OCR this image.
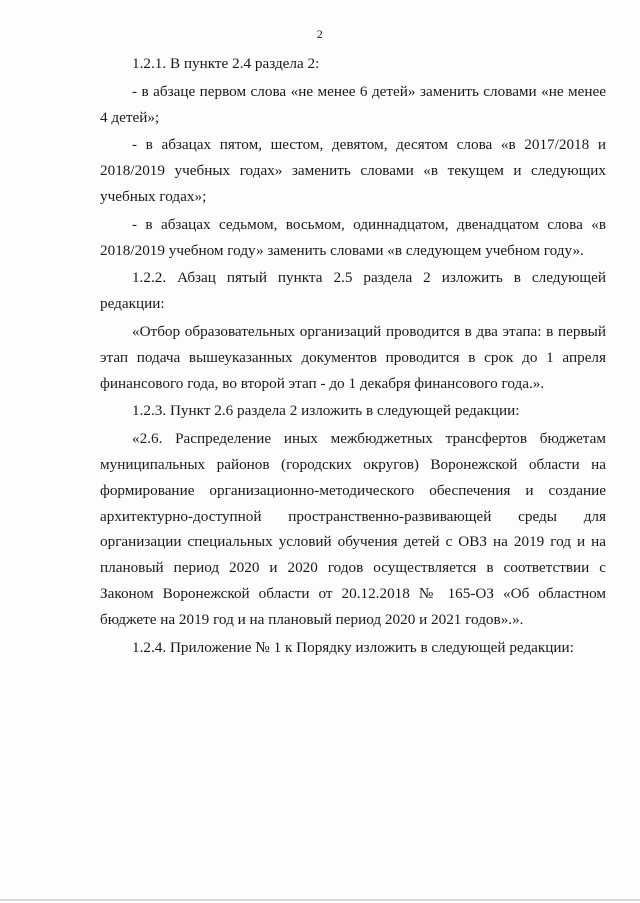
2

1.2.1. В пункте 2.4 раздела 2:

- в абзаце первом слова «не менее 6 детей» заменить словами «не менее 4 детей»;

- в абзацах пятом, шестом, девятом, десятом слова «в 2017/2018 и 2018/2019 учебных годах» заменить словами «в текущем и следующих учебных годах»;

- в абзацах седьмом, восьмом, одиннадцатом, двенадцатом слова «в 2018/2019 учебном году» заменить словами «в следующем учебном году».

1.2.2. Абзац пятый пункта 2.5 раздела 2 изложить в следующей редакции:

«Отбор образовательных организаций проводится в два этапа: в первый этап подача вышеуказанных документов проводится в срок до 1 апреля финансового года, во второй этап - до 1 декабря финансового года.».

1.2.3. Пункт 2.6 раздела 2 изложить в следующей редакции:

«2.6. Распределение иных межбюджетных трансфертов бюджетам муниципальных районов (городских округов) Воронежской области на формирование организационно-методического обеспечения и создание архитектурно-доступной пространственно-развивающей среды для организации специальных условий обучения детей с ОВЗ на 2019 год и на плановый период 2020 и 2020 годов осуществляется в соответствии с Законом Воронежской области от 20.12.2018 № 165-ОЗ «Об областном бюджете на 2019 год и на плановый период 2020 и 2021 годов».».

1.2.4. Приложение № 1 к Порядку изложить в следующей редакции:
